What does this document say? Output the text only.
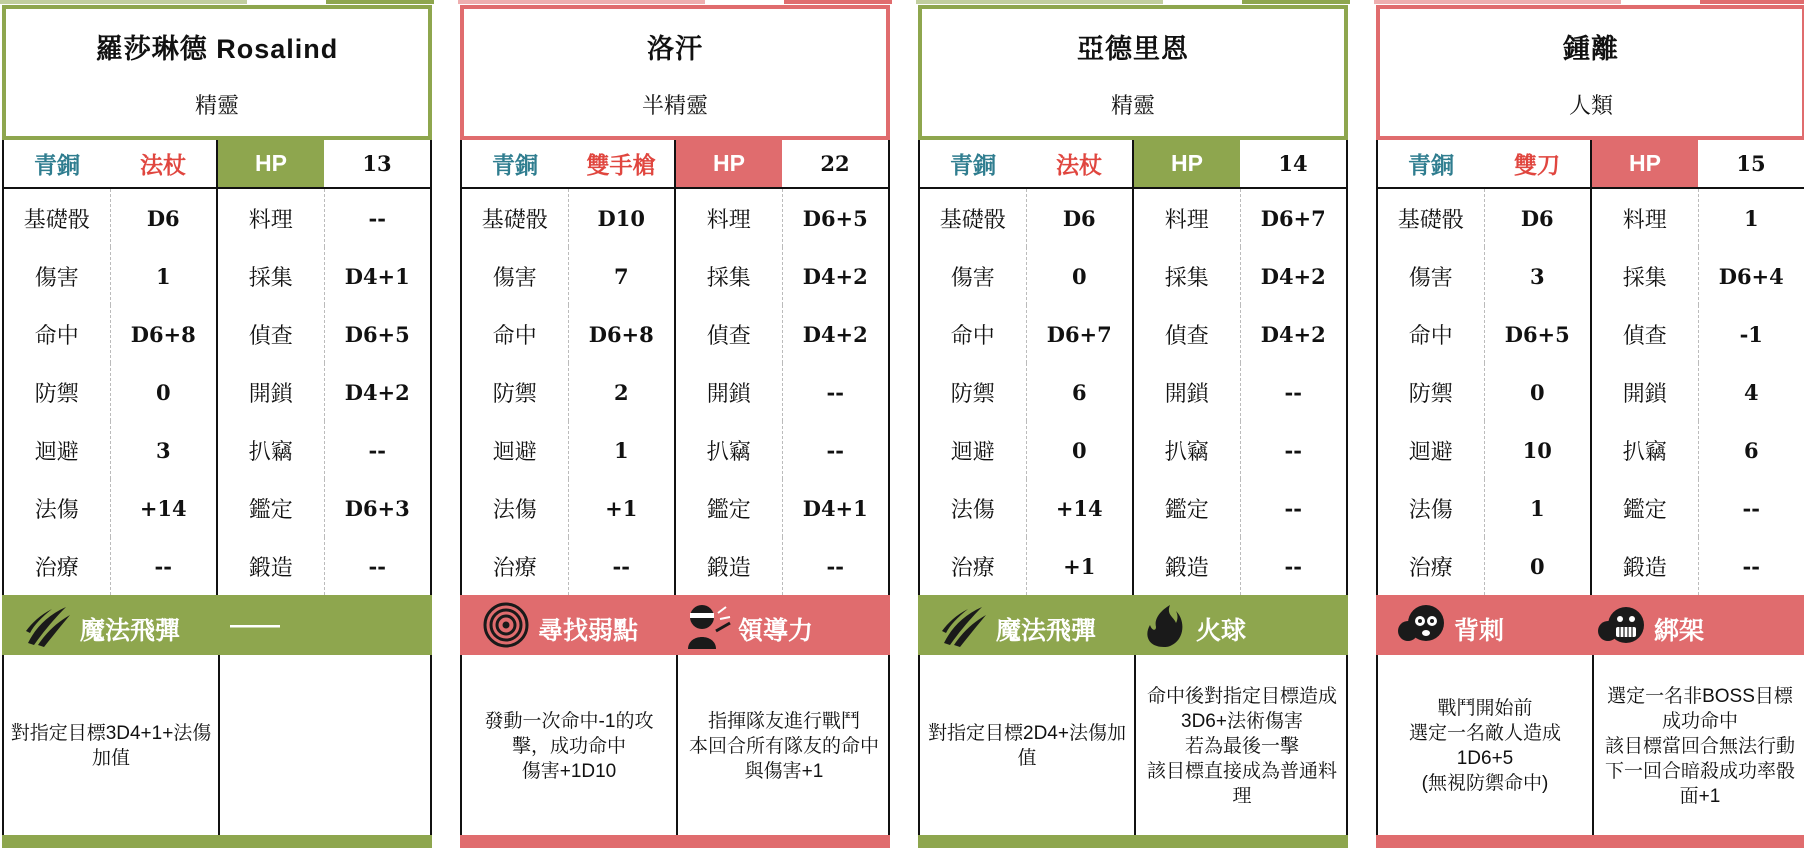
羅莎琳德 Rosalind
精靈
青銅	法杖	HP	13
基礎骰	D6	料理	--
傷害	1	採集	D4+1
命中	D6+8	偵查	D6+5
防禦	0	開鎖	D4+2
迴避	3	扒竊	--
法傷	+14	鑑定	D6+3
治療	--	鍛造	--
魔法飛彈 ——
對指定目標3D4+1+法傷加值
洛汗
半精靈
青銅	雙手槍	HP	22
基礎骰	D10	料理	D6+5
傷害	7	採集	D4+2
命中	D6+8	偵查	D4+2
防禦	2	開鎖	--
迴避	1	扒竊	--
法傷	+1	鑑定	D4+1
治療	--	鍛造	--
尋找弱點	領導力
發動一次命中-1的攻擊，成功命中
傷害+1D10
指揮隊友進行戰鬥
本回合所有隊友的命中與傷害+1
亞德里恩
精靈
青銅	法杖	HP	14
基礎骰	D6	料理	D6+7
傷害	0	採集	D4+2
命中	D6+7	偵查	D4+2
防禦	6	開鎖	--
迴避	0	扒竊	--
法傷	+14	鑑定	--
治療	+1	鍛造	--
魔法飛彈	火球
對指定目標2D4+法傷加值
命中後對指定目標造成3D6+法術傷害
若為最後一擊
該目標直接成為普通料理
鍾離
人類
青銅	雙刀	HP	15
基礎骰	D6	料理	1
傷害	3	採集	D6+4
命中	D6+5	偵查	-1
防禦	0	開鎖	4
迴避	10	扒竊	6
法傷	1	鑑定	--
治療	0	鍛造	--
背刺	綁架
戰鬥開始前
選定一名敵人造成1D6+5
(無視防禦命中)
選定一名非BOSS目標成功命中
該目標當回合無法行動
下一回合暗殺成功率骰面+1
